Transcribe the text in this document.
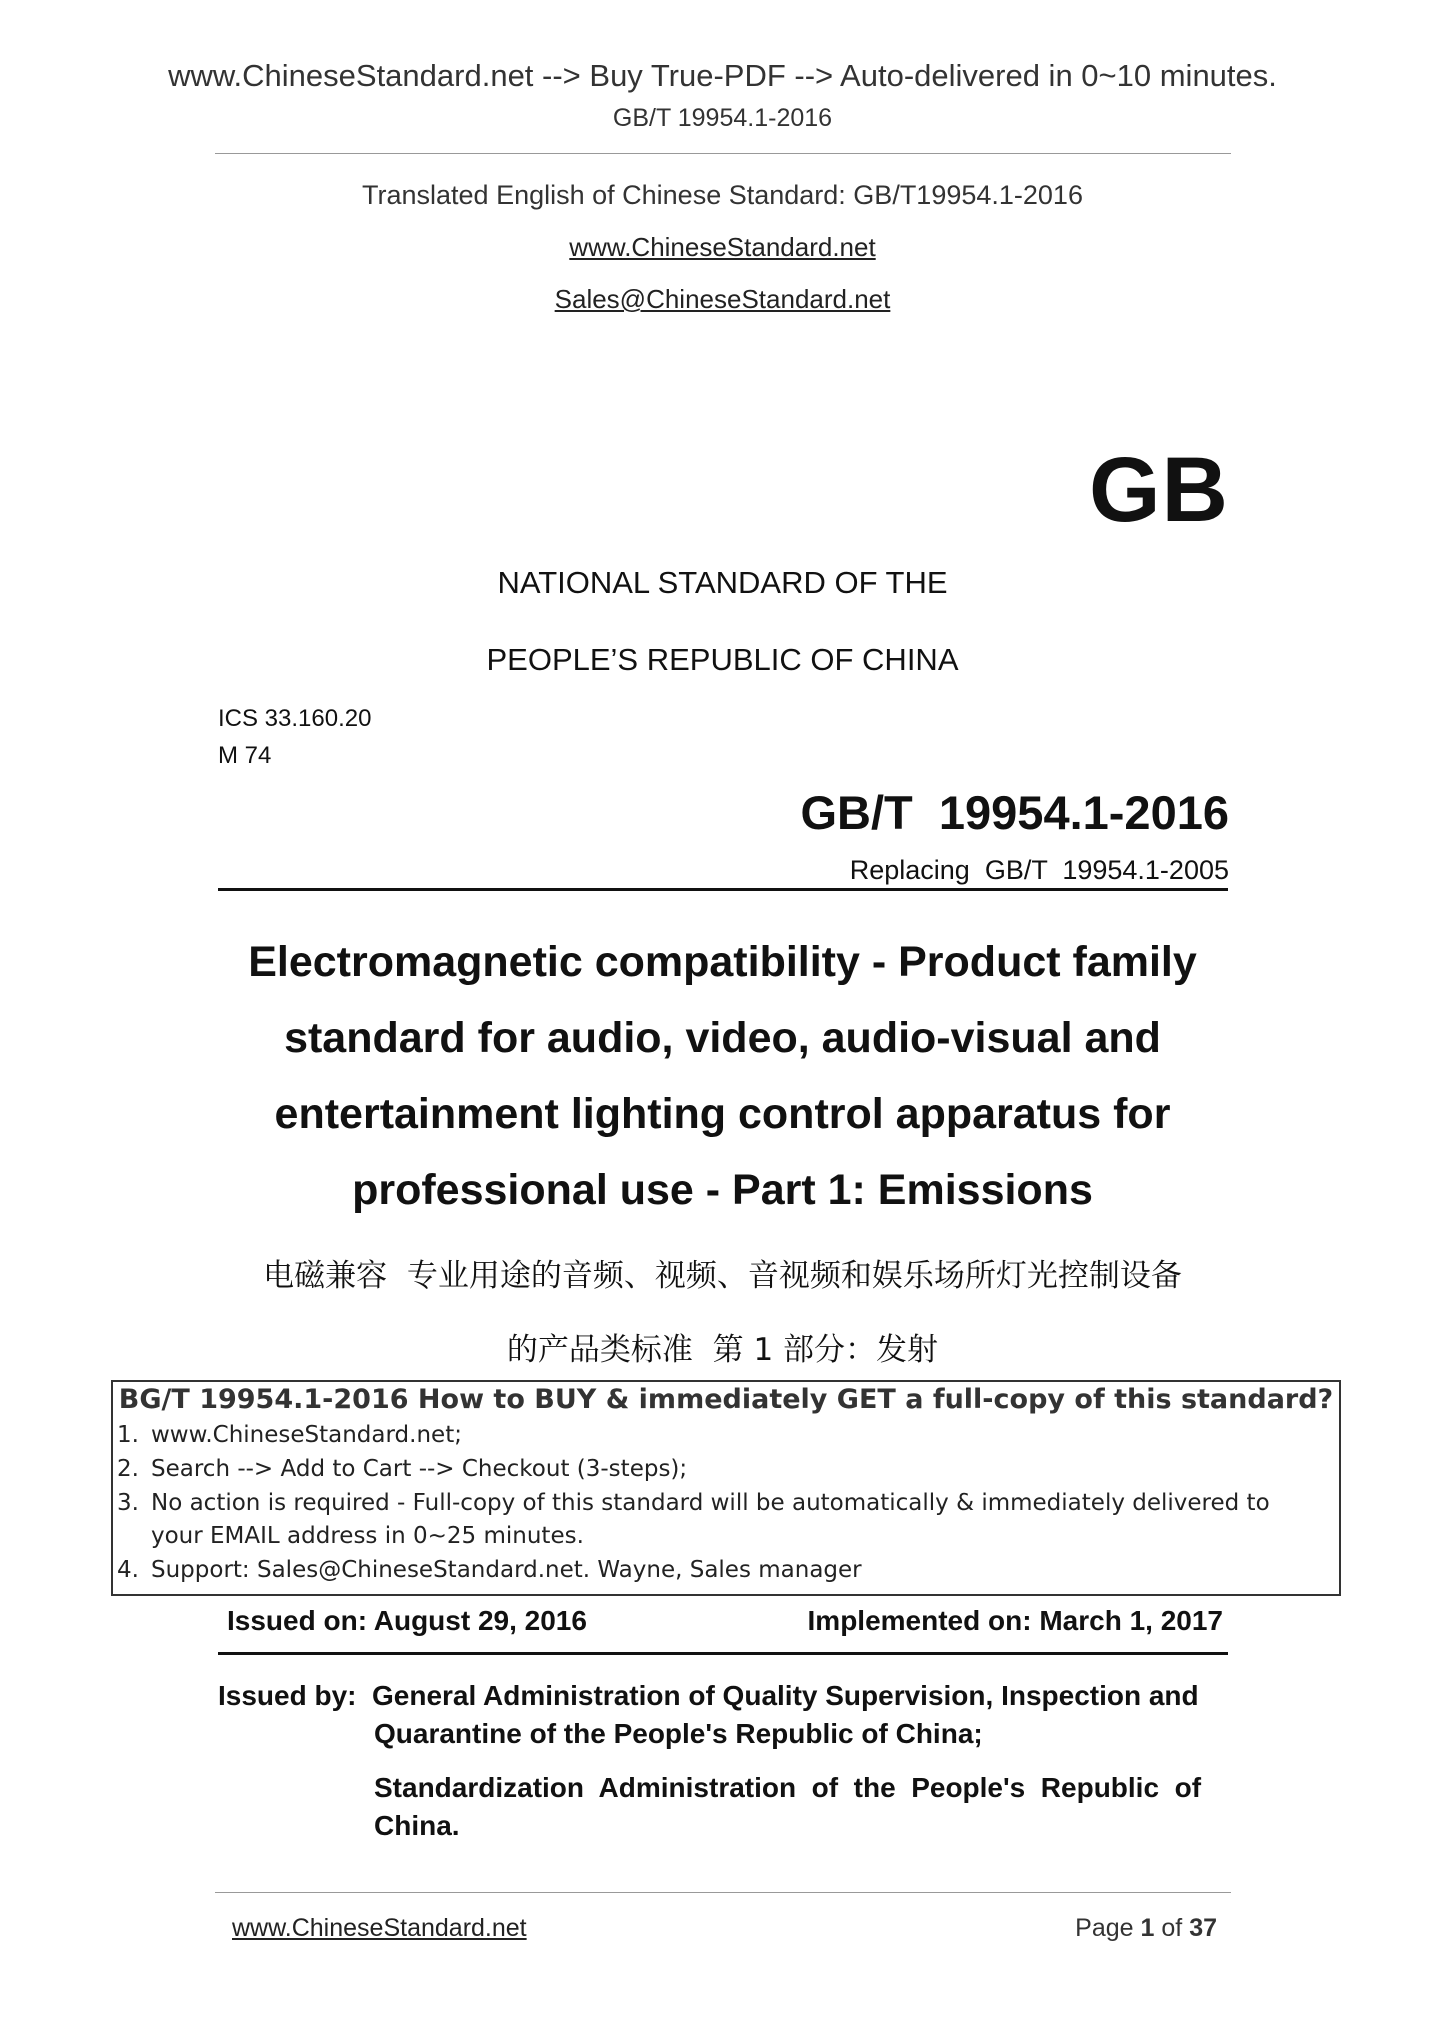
www.ChineseStandard.net --> Buy True-PDF --> Auto-delivered in 0~10 minutes.
GB/T 19954.1-2016
Translated English of Chinese Standard: GB/T19954.1-2016
www.ChineseStandard.net
Sales@ChineseStandard.net
GB
NATIONAL STANDARD OF THE
PEOPLE’S REPUBLIC OF CHINA
ICS 33.160.20
M 74
GB/T  19954.1-2016
Replacing  GB/T  19954.1-2005
Electromagnetic compatibility - Product family
standard for audio, video, audio-visual and
entertainment lighting control apparatus for
professional use - Part 1: Emissions
电磁兼容  专业用途的音频、视频、音视频和娱乐场所灯光控制设备
的产品类标准  第 1 部分：发射
BG/T 19954.1-2016 How to BUY & immediately GET a full-copy of this standard?
1. www.ChineseStandard.net;
2. Search --> Add to Cart --> Checkout (3-steps);
3. No action is required - Full-copy of this standard will be automatically & immediately delivered to
your EMAIL address in 0~25 minutes.
4. Support: Sales@ChineseStandard.net. Wayne, Sales manager
Issued on: August 29, 2016	Implemented on: March 1, 2017
Issued by: General Administration of Quality Supervision, Inspection and
Quarantine of the People's Republic of China;
Standardization  Administration  of  the  People's  Republic  of
China.
www.ChineseStandard.net	Page 1 of 37
